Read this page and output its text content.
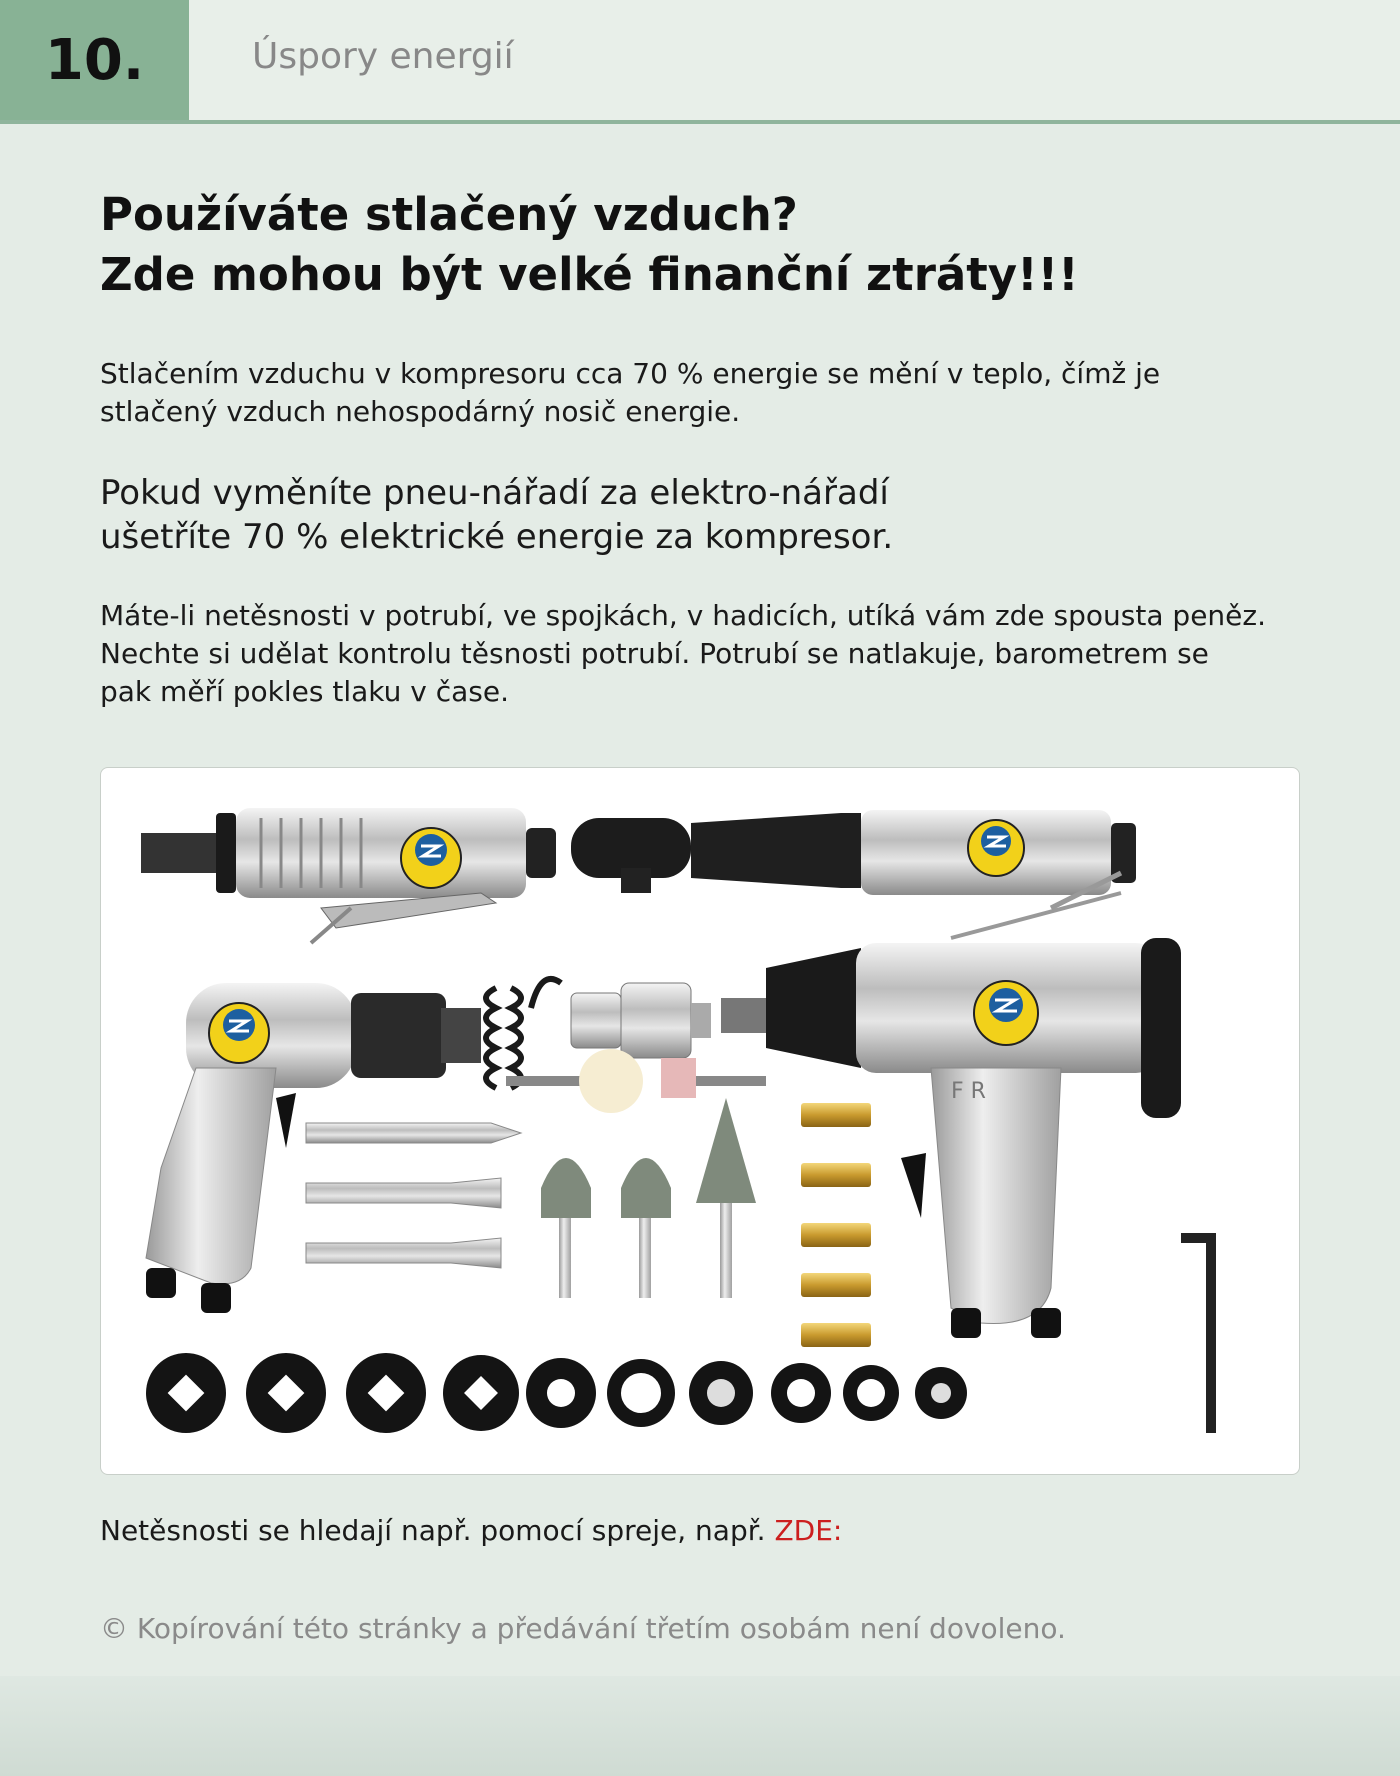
10.	Úspory energií
Používáte stlačený vzduch?
Zde mohou být velké finanční ztráty!!!

Stlačením vzduchu v kompresoru cca 70 % energie se mění v teplo, čímž je
stlačený vzduch nehospodárný nosič energie.

Pokud vyměníte pneu-nářadí za elektro-nářadí
ušetříte 70 % elektrické energie za kompresor.

Máte-li netěsnosti v potrubí, ve spojkách, v hadicích, utíká vám zde spousta peněz.
Nechte si udělat kontrolu těsnosti potrubí. Potrubí se natlakuje, barometrem se
pak měří pokles tlaku v čase.

F R
Netěsnosti se hledají např. pomocí spreje, např. ZDE:
© Kopírování této stránky a předávání třetím osobám není dovoleno.
